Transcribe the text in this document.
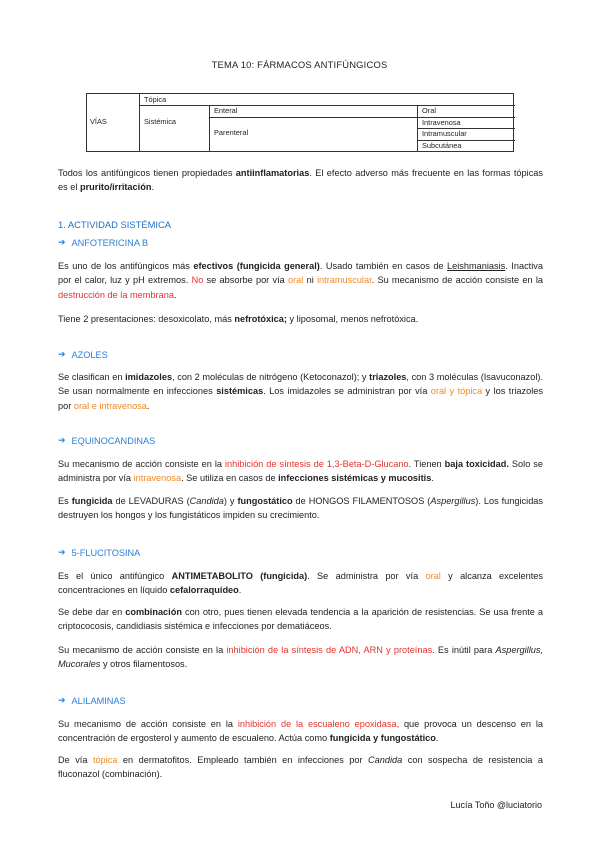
TEMA 10: FÁRMACOS ANTIFÚNGICOS
VÍAS
Tópica
Sistémica
Enteral	Oral
Parenteral
Intravenosa
Intramuscular
Subcutánea
Todos los antifúngicos tienen propiedades antiinflamatorias. El efecto adverso más frecuente en las formas tópicas es el prurito/irritación.
1. ACTIVIDAD SISTÉMICA
➔ ANFOTERICINA B
Es uno de los antifúngicos más efectivos (fungicida general). Usado también en casos de Leishmaniasis. Inactiva por el calor, luz y pH extremos. No se absorbe por vía oral ni intramuscular. Su mecanismo de acción consiste en la destrucción de la membrana.
Tiene 2 presentaciones: desoxicolato, más nefrotóxica; y liposomal, menos nefrotóxica.
➔ AZOLES
Se clasifican en imidazoles, con 2 moléculas de nitrógeno (Ketoconazol); y triazoles, con 3 moléculas (Isavuconazol). Se usan normalmente en infecciones sistémicas. Los imidazoles se administran por vía oral y tópica y los triazoles por oral e intravenosa.
➔ EQUINOCANDINAS
Su mecanismo de acción consiste en la inhibición de síntesis de 1,3-Beta-D-Glucano. Tienen baja toxicidad. Solo se administra por vía intravenosa. Se utiliza en casos de infecciones sistémicas y mucositis.
Es fungicida de LEVADURAS (Candida) y fungostático de HONGOS FILAMENTOSOS (Aspergillus). Los fungicidas destruyen los hongos y los fungistáticos impiden su crecimiento.
➔ 5-FLUCITOSINA
Es el único antifúngico ANTIMETABOLITO (fungicida). Se administra por vía oral y alcanza excelentes concentraciones en líquido cefalorraquídeo.
Se debe dar en combinación con otro, pues tienen elevada tendencia a la aparición de resistencias. Se usa frente a criptococosis, candidiasis sistémica e infecciones por dematiáceos.
Su mecanismo de acción consiste en la inhibición de la síntesis de ADN, ARN y proteínas. Es inútil para Aspergillus, Mucorales y otros filamentosos.
➔ ALILAMINAS
Su mecanismo de acción consiste en la inhibición de la escualeno epoxidasa, que provoca un descenso en la concentración de ergosterol y aumento de escualeno. Actúa como fungicida y fungostático.
De vía tópica en dermatofitos. Empleado también en infecciones por Candida con sospecha de resistencia a fluconazol (combinación).
Lucía Toño @luciatorio
